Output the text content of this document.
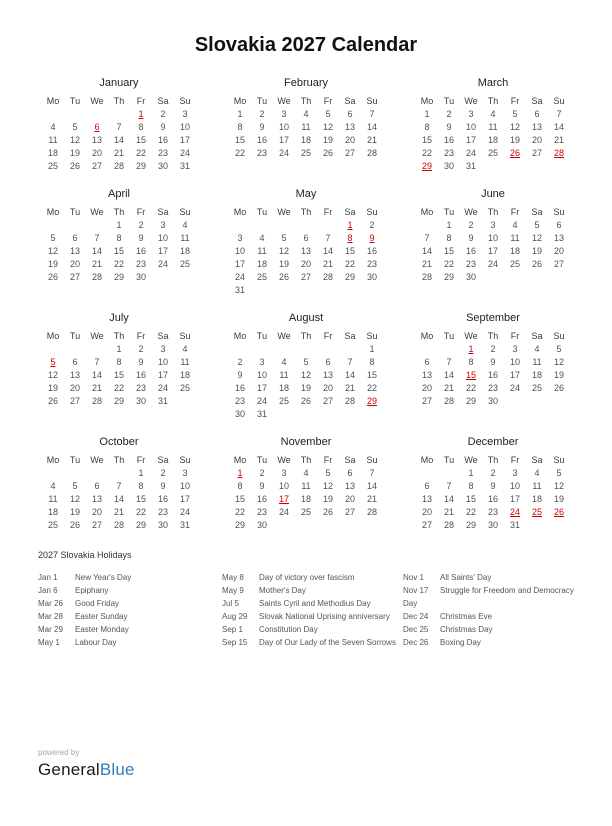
Slovakia 2027 Calendar
January
Mo	Tu	We	Th	Fr	Sa	Su
				1	2	3
4	5	6	7	8	9	10
11	12	13	14	15	16	17
18	19	20	21	22	23	24
25	26	27	28	29	30	31
February
Mo	Tu	We	Th	Fr	Sa	Su
1	2	3	4	5	6	7
8	9	10	11	12	13	14
15	16	17	18	19	20	21
22	23	24	25	26	27	28
March
Mo	Tu	We	Th	Fr	Sa	Su
1	2	3	4	5	6	7
8	9	10	11	12	13	14
15	16	17	18	19	20	21
22	23	24	25	26	27	28
29	30	31				
April
Mo	Tu	We	Th	Fr	Sa	Su
			1	2	3	4
5	6	7	8	9	10	11
12	13	14	15	16	17	18
19	20	21	22	23	24	25
26	27	28	29	30		
May
Mo	Tu	We	Th	Fr	Sa	Su
					1	2
3	4	5	6	7	8	9
10	11	12	13	14	15	16
17	18	19	20	21	22	23
24	25	26	27	28	29	30
31						
June
Mo	Tu	We	Th	Fr	Sa	Su
	1	2	3	4	5	6
7	8	9	10	11	12	13
14	15	16	17	18	19	20
21	22	23	24	25	26	27
28	29	30				
July
Mo	Tu	We	Th	Fr	Sa	Su
			1	2	3	4
5	6	7	8	9	10	11
12	13	14	15	16	17	18
19	20	21	22	23	24	25
26	27	28	29	30	31	
August
Mo	Tu	We	Th	Fr	Sa	Su
						1
2	3	4	5	6	7	8
9	10	11	12	13	14	15
16	17	18	19	20	21	22
23	24	25	26	27	28	29
30	31					
September
Mo	Tu	We	Th	Fr	Sa	Su
		1	2	3	4	5
6	7	8	9	10	11	12
13	14	15	16	17	18	19
20	21	22	23	24	25	26
27	28	29	30			
October
Mo	Tu	We	Th	Fr	Sa	Su
				1	2	3
4	5	6	7	8	9	10
11	12	13	14	15	16	17
18	19	20	21	22	23	24
25	26	27	28	29	30	31
November
Mo	Tu	We	Th	Fr	Sa	Su
1	2	3	4	5	6	7
8	9	10	11	12	13	14
15	16	17	18	19	20	21
22	23	24	25	26	27	28
29	30					
December
Mo	Tu	We	Th	Fr	Sa	Su
		1	2	3	4	5
6	7	8	9	10	11	12
13	14	15	16	17	18	19
20	21	22	23	24	25	26
27	28	29	30	31		
2027 Slovakia Holidays
Jan 1 New Year's Day
Jan 6 Epiphany
Mar 26 Good Friday
Mar 28 Easter Sunday
Mar 29 Easter Monday
May 1 Labour Day
May 8 Day of victory over fascism
May 9 Mother's Day
Jul 5	Saints Cyril and Methodius Day
Aug 29 Slovak National Uprising anniversary
Sep 1 Constitution Day
Sep 15 Day of Our Lady of the Seven Sorrows
Nov 1 All Saints' Day
Nov 17 Struggle for Freedom and Democracy Day
Dec 24 Christmas Eve
Dec 25 Christmas Day
Dec 26 Boxing Day
powered by
GeneralBlue
